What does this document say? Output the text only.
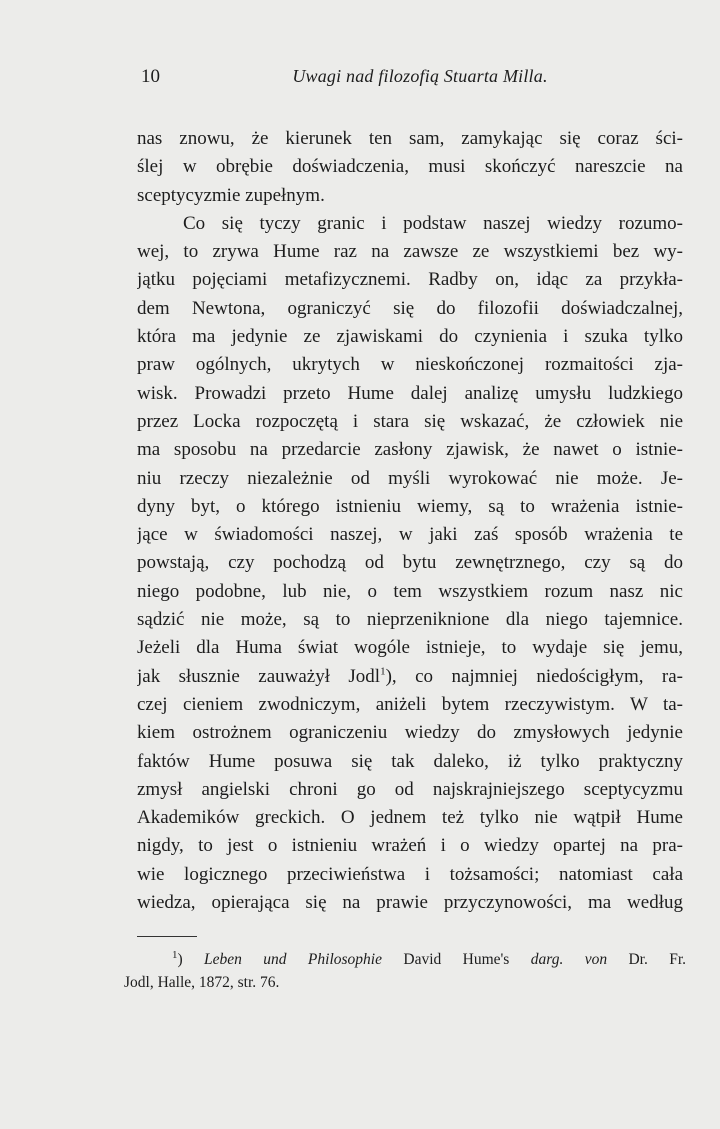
10	Uwagi nad filozofią Stuarta Milla.
nas znowu, że kierunek ten sam, zamykając się coraz ści-
ślej w obrębie doświadczenia, musi skończyć nareszcie na
sceptycyzmie zupełnym.
Co się tyczy granic i podstaw naszej wiedzy rozumo-
wej, to zrywa Hume raz na zawsze ze wszystkiemi bez wy-
jątku pojęciami metafizycznemi. Radby on, idąc za przykła-
dem Newtona, ograniczyć się do filozofii doświadczalnej,
która ma jedynie ze zjawiskami do czynienia i szuka tylko
praw ogólnych, ukrytych w nieskończonej rozmaitości zja-
wisk. Prowadzi przeto Hume dalej analizę umysłu ludzkiego
przez Locka rozpoczętą i stara się wskazać, że człowiek nie
ma sposobu na przedarcie zasłony zjawisk, że nawet o istnie-
niu rzeczy niezależnie od myśli wyrokować nie może. Je-
dyny byt, o którego istnieniu wiemy, są to wrażenia istnie-
jące w świadomości naszej, w jaki zaś sposób wrażenia te
powstają, czy pochodzą od bytu zewnętrznego, czy są do
niego podobne, lub nie, o tem wszystkiem rozum nasz nic
sądzić nie może, są to nieprzeniknione dla niego tajemnice.
Jeżeli dla Huma świat wogóle istnieje, to wydaje się jemu,
jak słusznie zauważył Jodl$^1$), co najmniej niedościgłym, ra-
czej cieniem zwodniczym, aniżeli bytem rzeczywistym. W ta-
kiem ostrożnem ograniczeniu wiedzy do zmysłowych jedynie
faktów Hume posuwa się tak daleko, iż tylko praktyczny
zmysł angielski chroni go od najskrajniejszego sceptycyzmu
Akademików greckich. O jednem też tylko nie wątpił Hume
nigdy, to jest o istnieniu wrażeń i o wiedzy opartej na pra-
wie logicznego przeciwieństwa i tożsamości; natomiast cała
wiedza, opierająca się na prawie przyczynowości, ma według
$^1$) Leben und Philosophie David Hume's darg. von Dr. Fr.
Jodl, Halle, 1872, str. 76.
